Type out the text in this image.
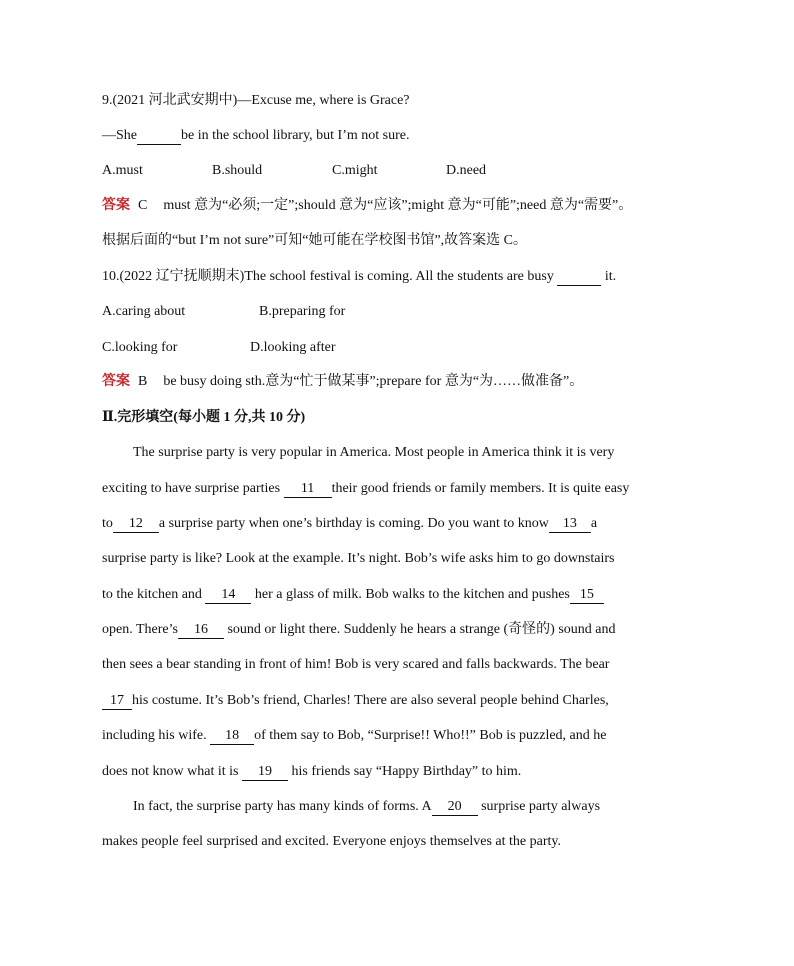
9.(2021 河北武安期中)—Excuse me, where is Grace?
—She	be in the school library, but I’m not sure.
A.must	B.should	C.might	D.need
答案 C must 意为“必须;一定”;should 意为“应该”;might 意为“可能”;need 意为“需要”。
根据后面的“but I’m not sure”可知“她可能在学校图书馆”,故答案选 C。
10.(2022 辽宁抚顺期末)The school festival is coming. All the students are busy	it.
A.caring about	B.preparing for
C.looking for	D.looking after
答案 B be busy doing sth.意为“忙于做某事”;prepare for 意为“为……做准备”。
Ⅱ.完形填空(每小题 1 分,共 10 分)
The surprise party is very popular in America. Most people in America think it is very
exciting to have surprise parties 11 their good friends or family members. It is quite easy
to 12 a surprise party when one’s birthday is coming. Do you want to know 13 a
surprise party is like? Look at the example. It’s night. Bob’s wife asks him to go downstairs
to the kitchen and 14 her a glass of milk. Bob walks to the kitchen and pushes 15
open. There’s 16 sound or light there. Suddenly he hears a strange (奇怪的) sound and
then sees a bear standing in front of him! Bob is very scared and falls backwards. The bear
17 his costume. It’s Bob’s friend, Charles! There are also several people behind Charles,
including his wife. 18 of them say to Bob, “Surprise!! Who!!” Bob is puzzled, and he
does not know what it is 19 his friends say “Happy Birthday” to him.
In fact, the surprise party has many kinds of forms. A 20 surprise party always
makes people feel surprised and excited. Everyone enjoys themselves at the party.
